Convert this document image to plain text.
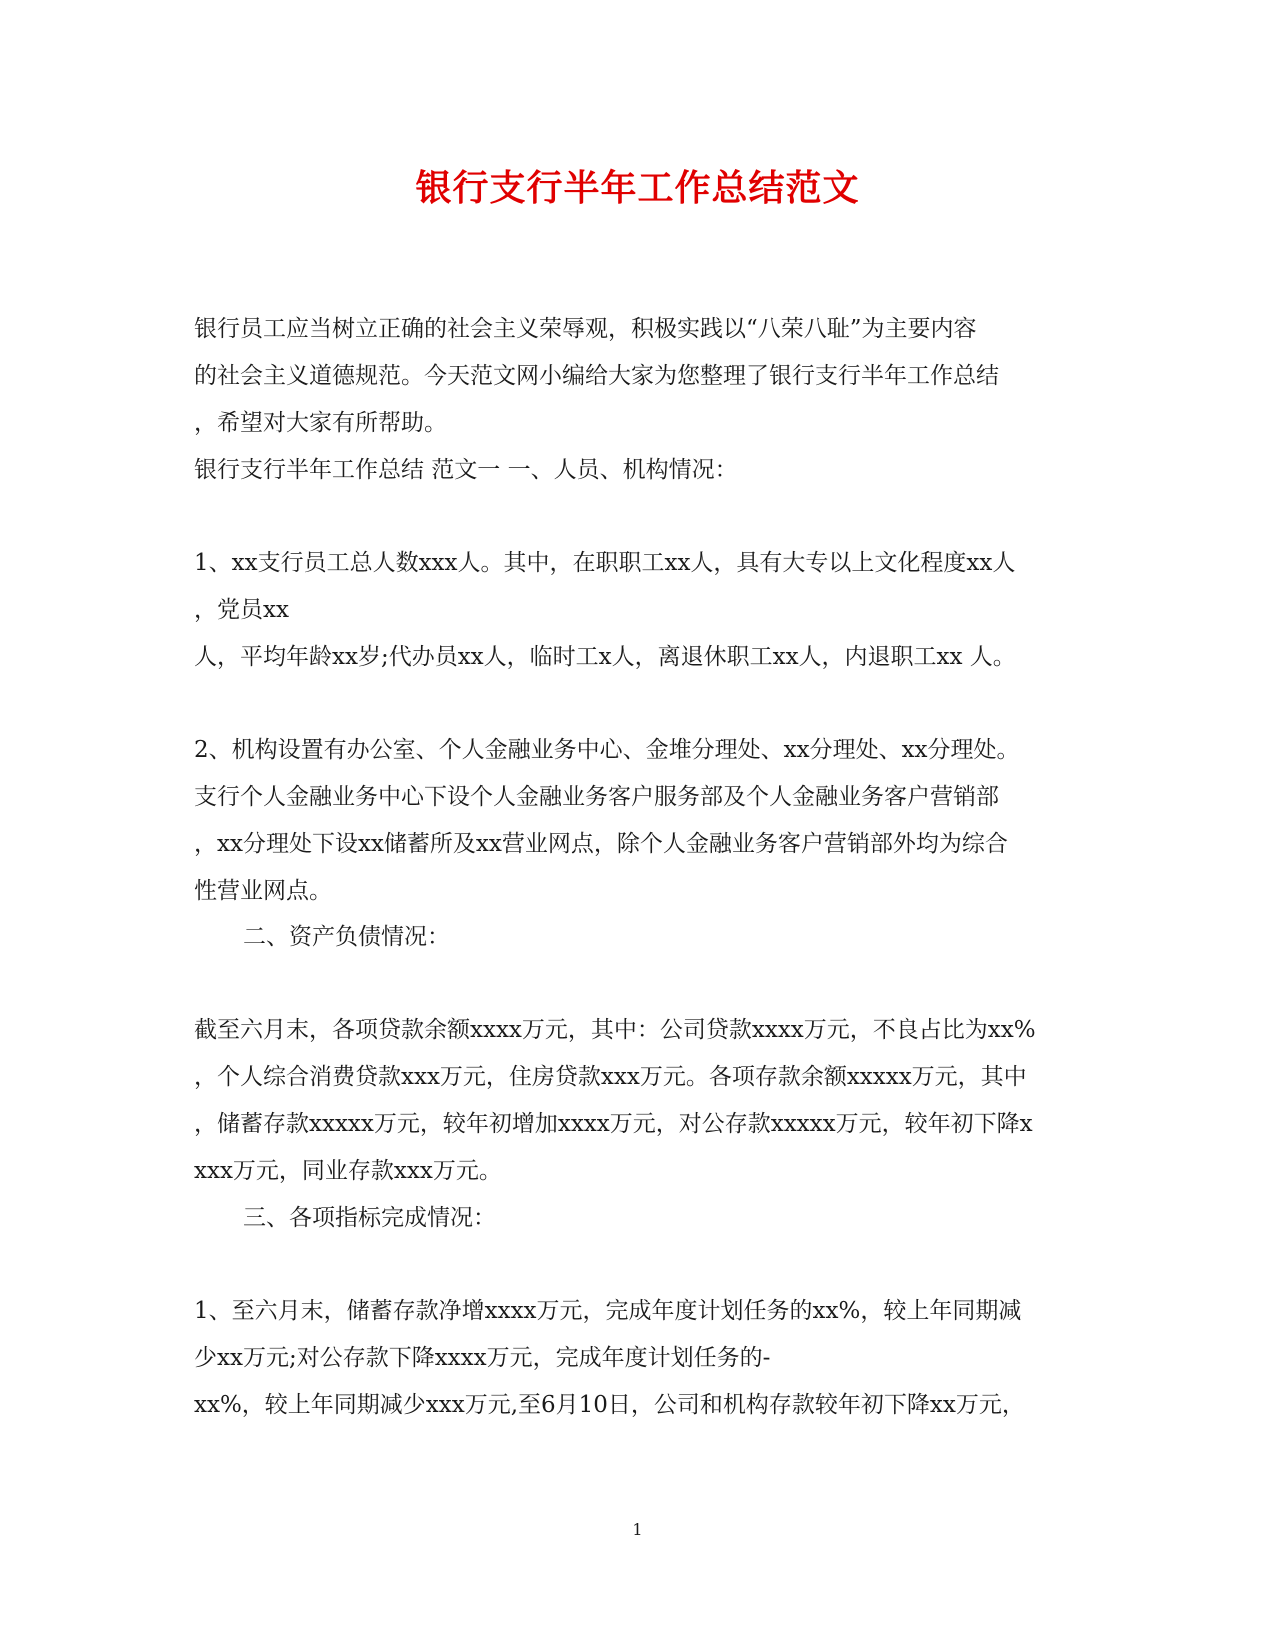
银行支行半年工作总结范文
银行员工应当树立正确的社会主义荣辱观，积极实践以“八荣八耻”为主要内容
的社会主义道德规范。今天范文网小编给大家为您整理了银行支行半年工作总结
，希望对大家有所帮助。
银行支行半年工作总结 范文一 一、人员、机构情况：
1、xx支行员工总人数xxx人。其中，在职职工xx人，具有大专以上文化程度xx人
，党员xx
人，平均年龄xx岁;代办员xx人，临时工x人，离退休职工xx人，内退职工xx 人。
2、机构设置有办公室、个人金融业务中心、金堆分理处、xx分理处、xx分理处。
支行个人金融业务中心下设个人金融业务客户服务部及个人金融业务客户营销部
，xx分理处下设xx储蓄所及xx营业网点，除个人金融业务客户营销部外均为综合
性营业网点。
二、资产负债情况：
截至六月末，各项贷款余额xxxx万元，其中：公司贷款xxxx万元，不良占比为xx%
，个人综合消费贷款xxx万元，住房贷款xxx万元。各项存款余额xxxxx万元，其中
，储蓄存款xxxxx万元，较年初增加xxxx万元，对公存款xxxxx万元，较年初下降x
xxx万元，同业存款xxx万元。
三、各项指标完成情况：
1、至六月末，储蓄存款净增xxxx万元，完成年度计划任务的xx%，较上年同期减
少xx万元;对公存款下降xxxx万元，完成年度计划任务的-
xx%，较上年同期减少xxx万元,至6月10日，公司和机构存款较年初下降xx万元，
1
